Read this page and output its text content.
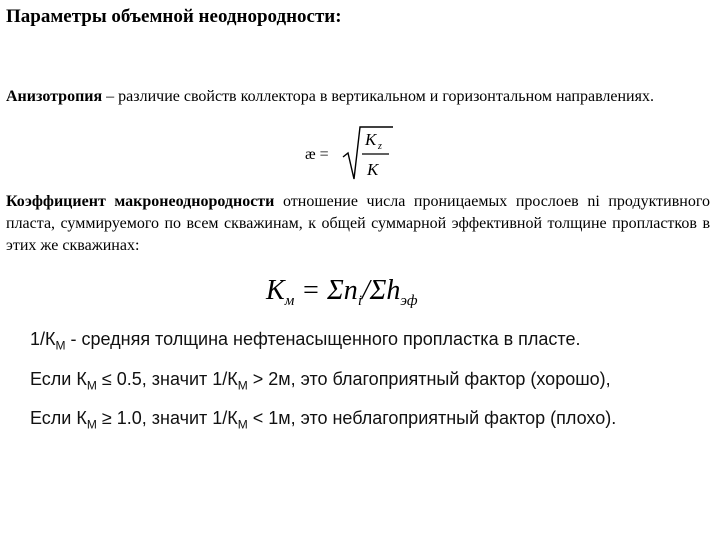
Параметры объемной неоднородности:
Анизотропия – различие свойств коллектора в вертикальном и горизонтальном направлениях.
æ =
K z
K
Коэффициент макронеоднородности отношение числа проницаемых прослоев ni продуктивного пласта, суммируемого по всем скважинам, к общей суммарной эффективной толщине пропластков в этих же скважинах:
$K_м = \Sigma n_i/\Sigma h_{эф}$
$1/К_М$ - средняя толщина нефтенасыщенного пропластка в пласте.
Если $К_М \le 0.5$, значит $1/К_М > 2м$, это благоприятный фактор (хорошо),
Если $К_М \ge 1.0$, значит $1/К_М < 1м$, это неблагоприятный фактор (плохо).
